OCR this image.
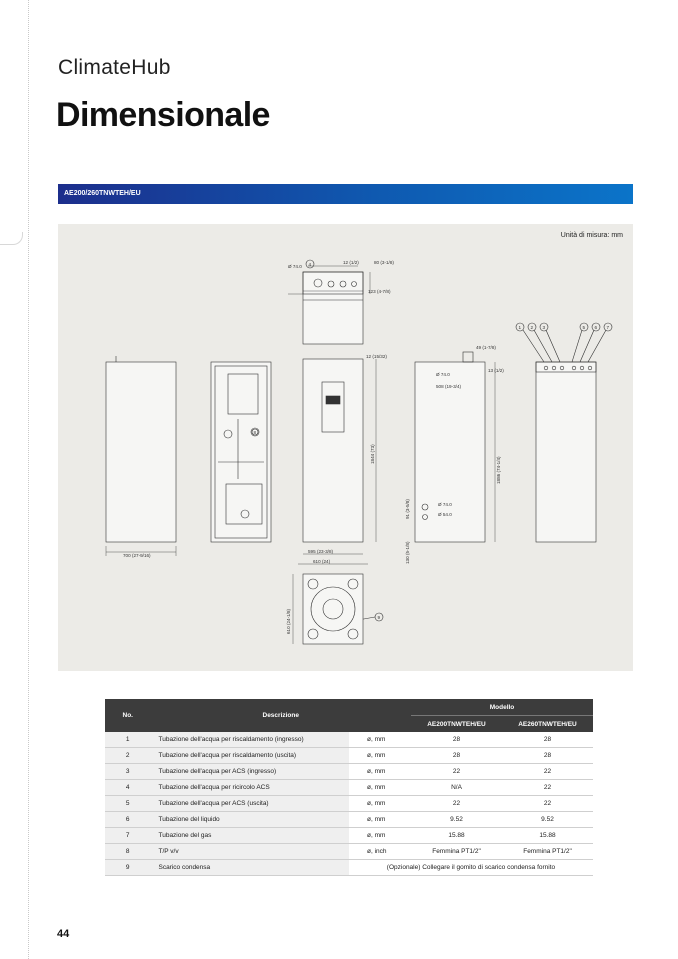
ClimateHub
Dimensionale
AE200/260TNWTEH/EU
Unità di misura: mm
Ø 74.0
12 (1/2)	80 (3-1/8)
123 (4-7/8)
700 (27-9/16)
595 (23-3/8)
610 (24)
12 (15/32)
1844 (73)
49 (1-7/8)
13 (1/2)
Ø 74.0
508 (19-3/4)
1886 (74-1/4)
Ø 74.0
Ø 54.0
91 (3-5/8)
130 (5-1/8)
1 2 3	5 6 7
4
8
9
610 (24-1/8)
No.	Descrizione		Modello	
			AE200TNWTEH/EU	AE260TNWTEH/EU
1	Tubazione dell'acqua per riscaldamento (ingresso)	ø, mm	28	28
2	Tubazione dell'acqua per riscaldamento (uscita)	ø, mm	28	28
3	Tubazione dell'acqua per ACS (ingresso)	ø, mm	22	22
4	Tubazione dell'acqua per ricircolo ACS	ø, mm	N/A	22
5	Tubazione dell'acqua per ACS (uscita)	ø, mm	22	22
6	Tubazione del liquido	ø, mm	9.52	9.52
7	Tubazione del gas	ø, mm	15.88	15.88
8	T/P v/v	ø, inch	Femmina PT1/2"	Femmina PT1/2"
9	Scarico condensa	(Opzionale) Collegare il gomito di scarico condensa fornito		
44
